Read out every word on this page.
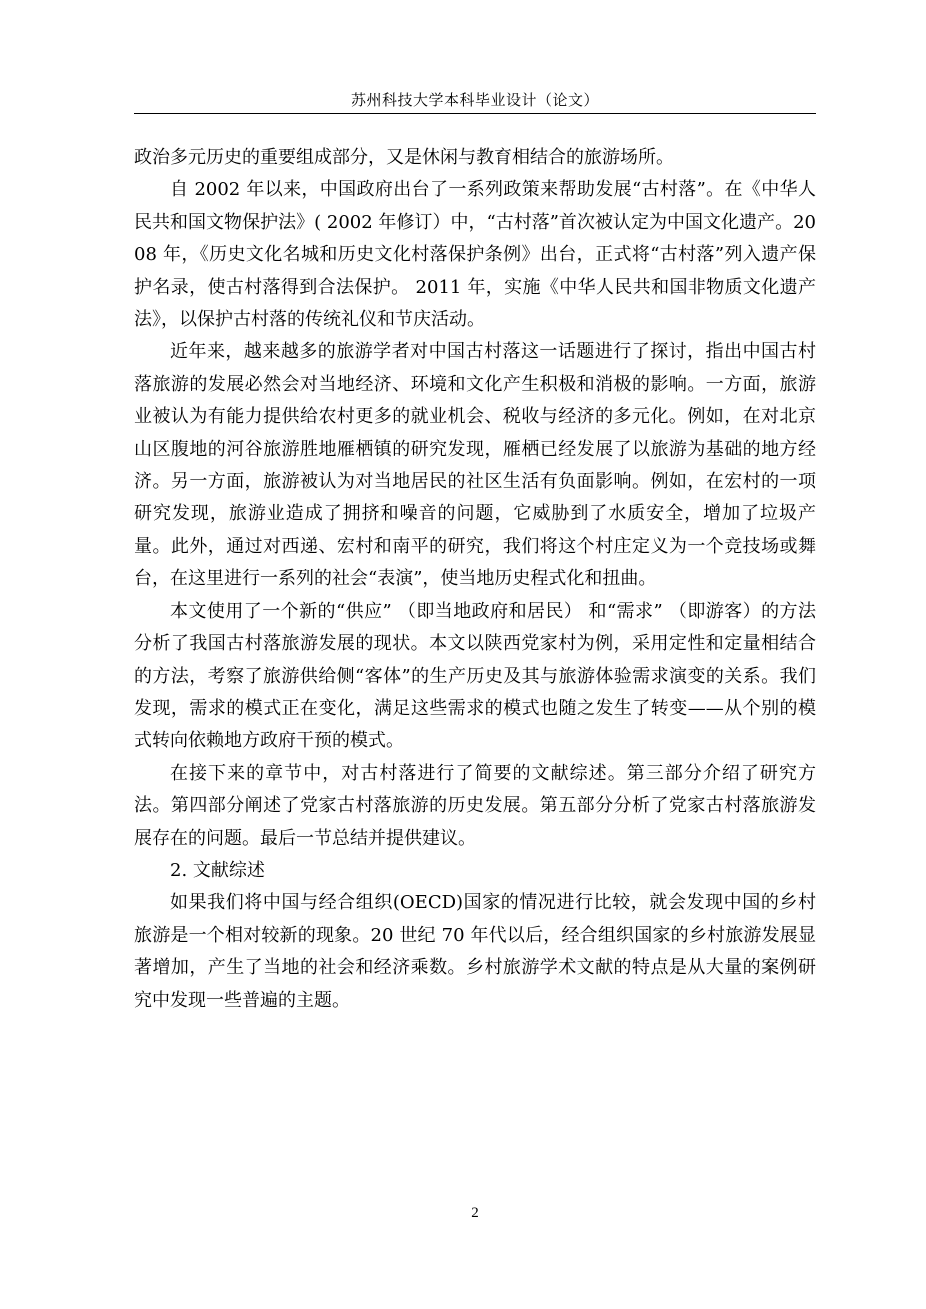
苏州科技大学本科毕业设计（论文）

政治多元历史的重要组成部分，又是休闲与教育相结合的旅游场所。

自 2002 年以来，中国政府出台了一系列政策来帮助发展“古村落”。在《中华人民共和国文物保护法》( 2002 年修订）中，“古村落”首次被认定为中国文化遗产。2008 年，《历史文化名城和历史文化村落保护条例》出台，正式将“古村落”列入遗产保护名录，使古村落得到合法保护。 2011 年，实施《中华人民共和国非物质文化遗产法》，以保护古村落的传统礼仪和节庆活动。

近年来，越来越多的旅游学者对中国古村落这一话题进行了探讨，指出中国古村落旅游的发展必然会对当地经济、环境和文化产生积极和消极的影响。一方面，旅游业被认为有能力提供给农村更多的就业机会、税收与经济的多元化。例如，在对北京山区腹地的河谷旅游胜地雁栖镇的研究发现，雁栖已经发展了以旅游为基础的地方经济。另一方面，旅游被认为对当地居民的社区生活有负面影响。例如，在宏村的一项研究发现，旅游业造成了拥挤和噪音的问题，它威胁到了水质安全，增加了垃圾产量。此外，通过对西递、宏村和南平的研究，我们将这个村庄定义为一个竞技场或舞台，在这里进行一系列的社会“表演”，使当地历史程式化和扭曲。

本文使用了一个新的“供应” （即当地政府和居民） 和“需求” （即游客）的方法分析了我国古村落旅游发展的现状。本文以陕西党家村为例，采用定性和定量相结合的方法，考察了旅游供给侧“客体”的生产历史及其与旅游体验需求演变的关系。我们发现，需求的模式正在变化，满足这些需求的模式也随之发生了转变——从个别的模式转向依赖地方政府干预的模式。

在接下来的章节中，对古村落进行了简要的文献综述。第三部分介绍了研究方法。第四部分阐述了党家古村落旅游的历史发展。第五部分分析了党家古村落旅游发展存在的问题。最后一节总结并提供建议。

2. 文献综述

如果我们将中国与经合组织(OECD)国家的情况进行比较，就会发现中国的乡村旅游是一个相对较新的现象。20 世纪 70 年代以后，经合组织国家的乡村旅游发展显著增加，产生了当地的社会和经济乘数。乡村旅游学术文献的特点是从大量的案例研究中发现一些普遍的主题。

2
